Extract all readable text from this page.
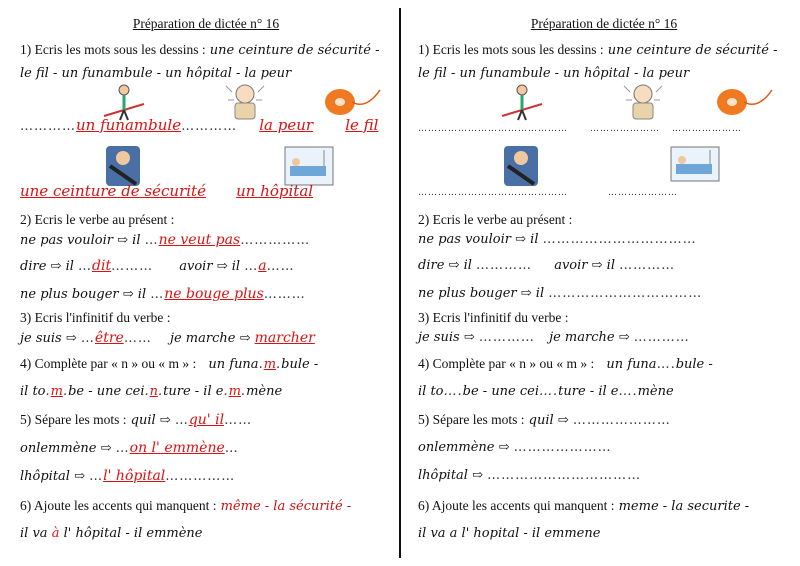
Préparation de dictée n° 16
1) Ecris les mots sous les dessins : une ceinture de sécurité -
le fil - un funambule - un hôpital - la peur
…………un funambule………… la peur le fil
une ceinture de sécurité un hôpital
2) Ecris le verbe au présent :
ne pas vouloir ⇨ il …ne veut pas……………
dire ⇨ il …dit……… avoir ⇨ il …a……
ne plus bouger ⇨ il …ne bouge plus………
3) Ecris l'infinitif du verbe :
je suis ⇨ …être…… je marche ⇨ marcher
4) Complète par « n » ou « m » : un funa.m.bule -
il to.m.be - une cei.n.ture - il e.m.mène
5) Sépare les mots : quil ⇨ …qu' il……
onlemmène ⇨ …on l' emmène…
lhôpital ⇨ …l' hôpital……………
6) Ajoute les accents qui manquent : même - la sécurité -
il va à l' hôpital - il emmène
Préparation de dictée n° 16
1) Ecris les mots sous les dessins : une ceinture de sécurité -
le fil - un funambule - un hôpital - la peur
……………………………………… ………………… …………………
………………………………………	…………………
2) Ecris le verbe au présent :
ne pas vouloir ⇨ il ……………………………
dire ⇨ il ………… avoir ⇨ il …………
ne plus bouger ⇨ il ……………………………
3) Ecris l'infinitif du verbe :
je suis ⇨ ………… je marche ⇨ …………
4) Complète par « n » ou « m » : un funa….bule -
il to….be - une cei….ture - il e….mène
5) Sépare les mots : quil ⇨ …………………
onlemmène ⇨ …………………
lhôpital ⇨ ……………………………
6) Ajoute les accents qui manquent : meme - la securite -
il va a l' hopital - il emmene
